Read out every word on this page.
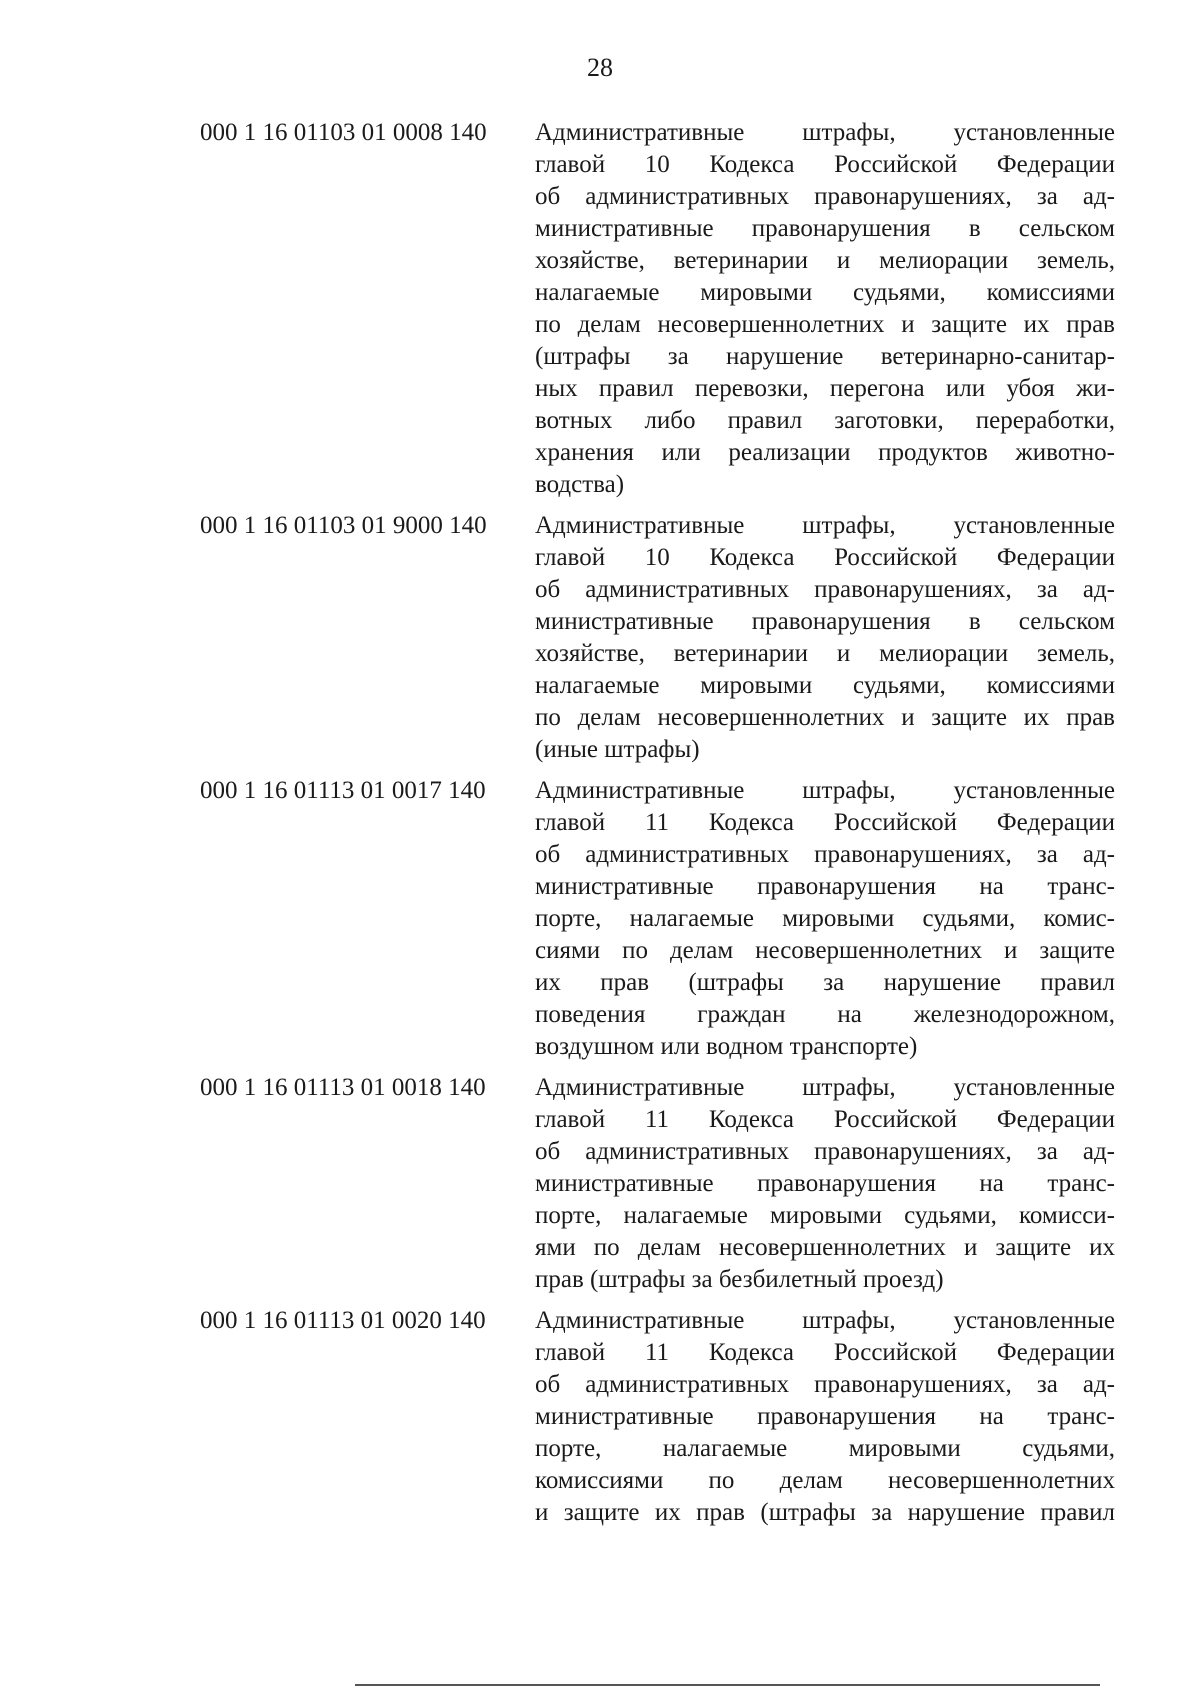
28
000 1 16 01103 01 0008 140	Административные штрафы, установленные
главой 10 Кодекса Российской Федерации
об административных правонарушениях, за ад-
министративные правонарушения в сельском
хозяйстве, ветеринарии и мелиорации земель,
налагаемые мировыми судьями, комиссиями
по делам несовершеннолетних и защите их прав
(штрафы за нарушение ветеринарно-санитар-
ных правил перевозки, перегона или убоя жи-
вотных либо правил заготовки, переработки,
хранения или реализации продуктов животно-
водства)
000 1 16 01103 01 9000 140	Административные штрафы, установленные
главой 10 Кодекса Российской Федерации
об административных правонарушениях, за ад-
министративные правонарушения в сельском
хозяйстве, ветеринарии и мелиорации земель,
налагаемые мировыми судьями, комиссиями
по делам несовершеннолетних и защите их прав
(иные штрафы)
000 1 16 01113 01 0017 140	Административные штрафы, установленные
главой 11 Кодекса Российской Федерации
об административных правонарушениях, за ад-
министративные правонарушения на транс-
порте, налагаемые мировыми судьями, комис-
сиями по делам несовершеннолетних и защите
их прав (штрафы за нарушение правил
поведения граждан на железнодорожном,
воздушном или водном транспорте)
000 1 16 01113 01 0018 140	Административные штрафы, установленные
главой 11 Кодекса Российской Федерации
об административных правонарушениях, за ад-
министративные правонарушения на транс-
порте, налагаемые мировыми судьями, комисси-
ями по делам несовершеннолетних и защите их
прав (штрафы за безбилетный проезд)
000 1 16 01113 01 0020 140	Административные штрафы, установленные
главой 11 Кодекса Российской Федерации
об административных правонарушениях, за ад-
министративные правонарушения на транс-
порте, налагаемые мировыми судьями,
комиссиями по делам несовершеннолетних
и защите их прав (штрафы за нарушение правил
